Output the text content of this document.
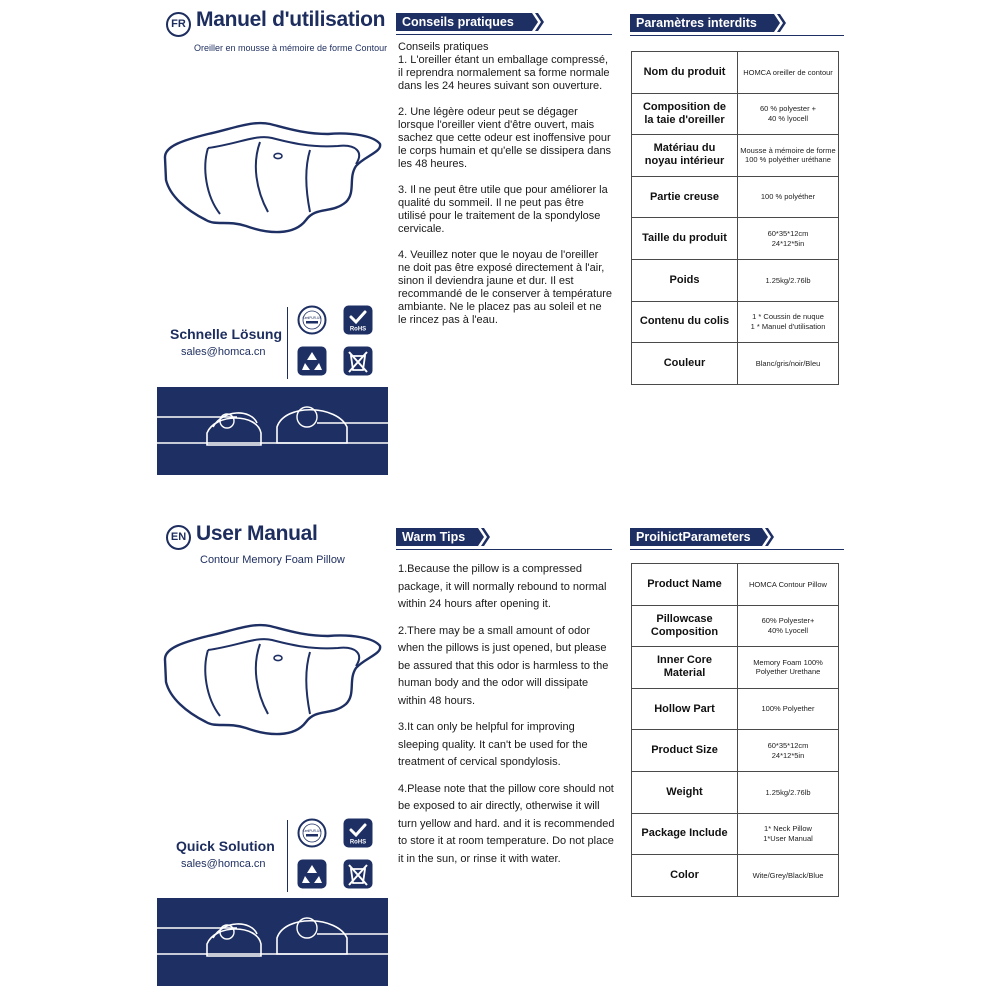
FR Manuel d'utilisation
Oreiller en mousse à mémoire de forme Contour
Schnelle Lösung
sales@homca.cn
CertiPUR-US
RoHS
Conseils pratiques

Conseils pratiques

1. L'oreiller étant un emballage compressé, il reprendra normalement sa forme normale dans les 24 heures suivant son ouverture.

2. Une légère odeur peut se dégager lorsque l'oreiller vient d'être ouvert, mais sachez que cette odeur est inoffensive pour le corps humain et qu'elle se dissipera dans les 48 heures.

3. Il ne peut être utile que pour améliorer la qualité du sommeil. Il ne peut pas être utilisé pour le traitement de la spondylose cervicale.

4. Veuillez noter que le noyau de l'oreiller ne doit pas être exposé directement à l'air, sinon il deviendra jaune et dur. Il est recommandé de le conserver à température ambiante. Ne le placez pas au soleil et ne le rincez pas à l'eau.

Paramètres interdits
Nom du produit	HOMCA oreiller de contour

Composition de
la taie d'oreiller	60 % polyester +
40 % lyocell

Matériau du
noyau intérieur	Mousse à mémoire de forme
100 % polyéther uréthane

Partie creuse	100 % polyéther

Taille du produit	60*35*12cm
24*12*5in

Poids	1.25kg/2.76lb

Contenu du colis	1 * Coussin de nuque
1 * Manuel d'utilisation

Couleur	Blanc/gris/noir/Bleu
EN User Manual
Contour Memory Foam Pillow
Quick Solution
sales@homca.cn
CertiPUR-US
RoHS
Warm Tips

1.Because the pillow is a compressed package, it will normally rebound to normal within 24 hours after opening it.

2.There may be a small amount of odor when the pillows is just opened, but please be assured that this odor is harmless to the human body and the odor will dissipate within 48 hours.

3.It can only be helpful for improving sleeping quality. It can't be used for the treatment of cervical spondylosis.

4.Please note that the pillow core should not be exposed to air directly, otherwise it will turn yellow and hard. and it is recommended to store it at room temperature. Do not place it in the sun, or rinse it with water.

ProihictParameters
Product Name	HOMCA Contour Pillow

Pillowcase
Composition	60% Polyester+
40% Lyocell

Inner Core
Material	Memory Foam 100%
Polyether Urethane

Hollow Part	100% Polyether

Product Size	60*35*12cm
24*12*5in

Weight	1.25kg/2.76lb

Package Include	1* Neck Pillow
1*User Manual

Color	Wite/Grey/Black/Blue
